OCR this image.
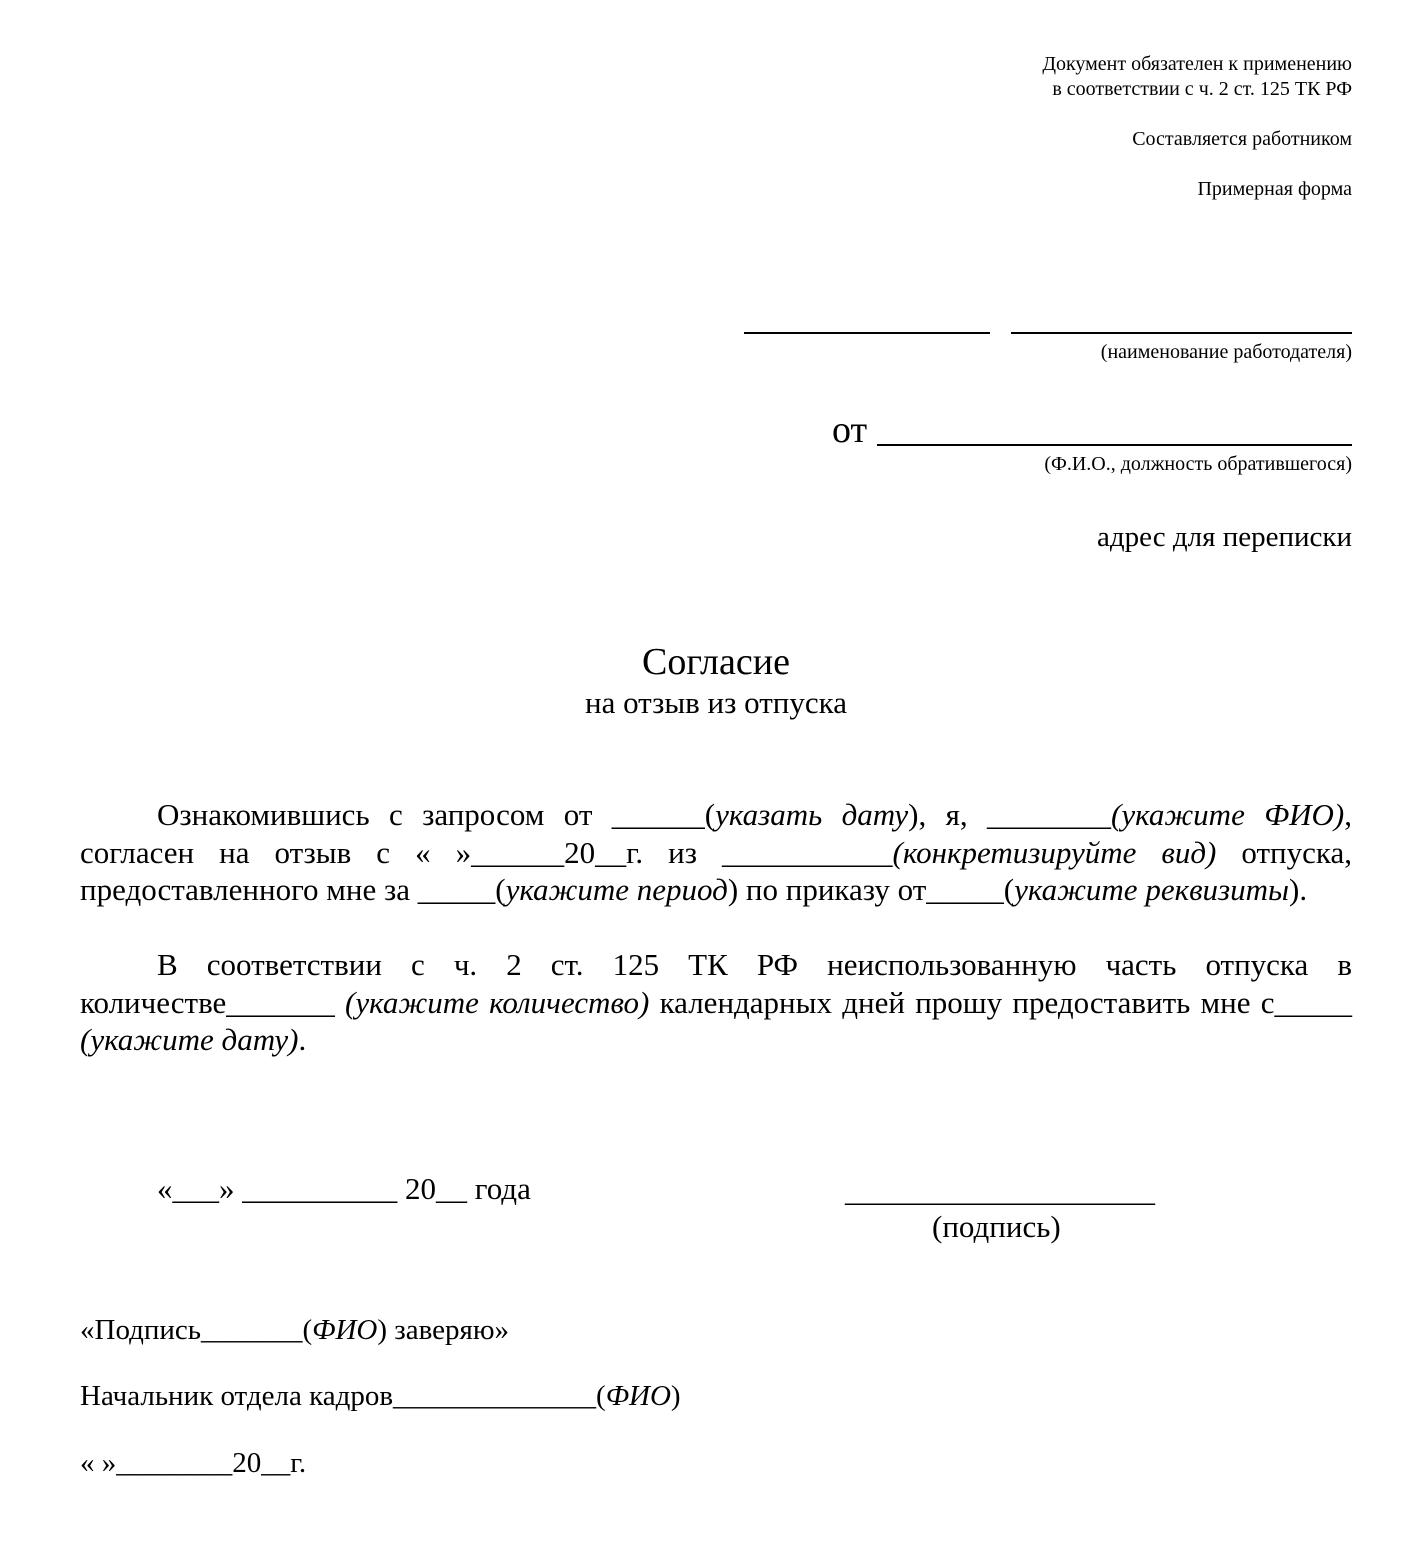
Документ обязателен к применению
в соответствии с ч. 2 ст. 125 ТК РФ
Составляется работником
Примерная форма
(наименование работодателя)
от
(Ф.И.О., должность обратившегося)
адрес для переписки
Согласие
на отзыв из отпуска

Ознакомившись с запросом от ______(указать дату), я, ________(укажите ФИО), согласен на отзыв с « »______20__г. из ___________(конкретизируйте вид) отпуска, предоставленного мне за _____(укажите период) по приказу от_____(укажите реквизиты).

В соответствии с ч. 2 ст. 125 ТК РФ неиспользованную часть отпуска в количестве_______ (укажите количество) календарных дней прошу предоставить мне с_____ (укажите дату).

«___» __________ 20__ года	____________________
(подпись)
«Подпись_______(ФИО) заверяю»
Начальник отдела кадров______________(ФИО)
« »________20__г.
